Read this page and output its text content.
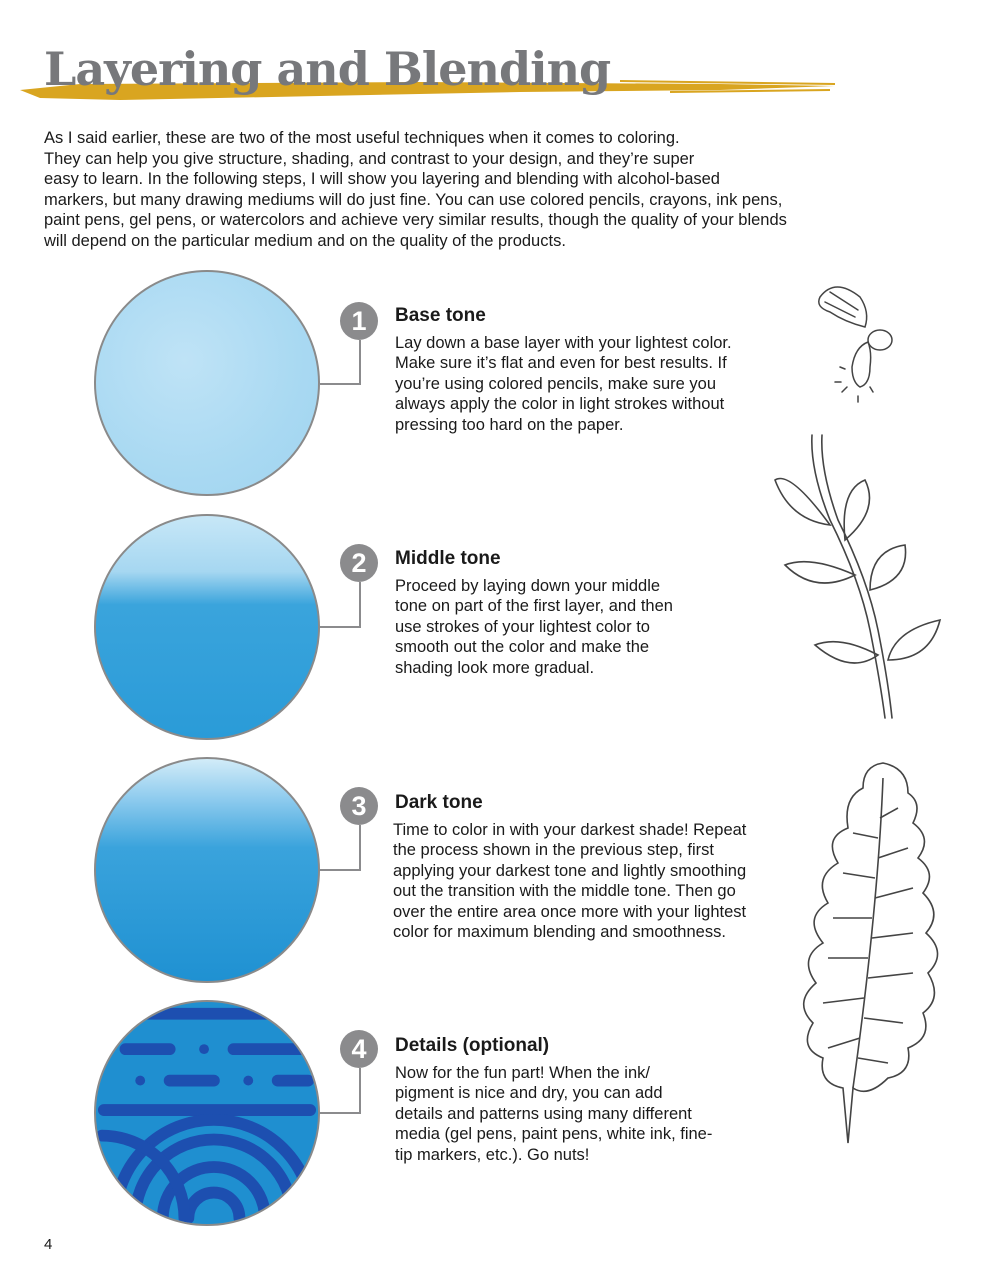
Layering and Blending
As I said earlier, these are two of the most useful techniques when it comes to coloring.
They can help you give structure, shading, and contrast to your design, and they’re super
easy to learn. In the following steps, I will show you layering and blending with alcohol-based
markers, but many drawing mediums will do just fine. You can use colored pencils, crayons, ink pens,
paint pens, gel pens, or watercolors and achieve very similar results, though the quality of your blends
will depend on the particular medium and on the quality of the products.
1
2
3
4
Base tone
Lay down a base layer with your lightest color.
Make sure it’s flat and even for best results. If
you’re using colored pencils, make sure you
always apply the color in light strokes without
pressing too hard on the paper.
Middle tone
Proceed by laying down your middle
tone on part of the first layer, and then
use strokes of your lightest color to
smooth out the color and make the
shading look more gradual.
Dark tone
Time to color in with your darkest shade! Repeat
the process shown in the previous step, first
applying your darkest tone and lightly smoothing
out the transition with the middle tone. Then go
over the entire area once more with your lightest
color for maximum blending and smoothness.
Details (optional)
Now for the fun part! When the ink/
pigment is nice and dry, you can add
details and patterns using many different
media (gel pens, paint pens, white ink, fine-
tip markers, etc.). Go nuts!
4
